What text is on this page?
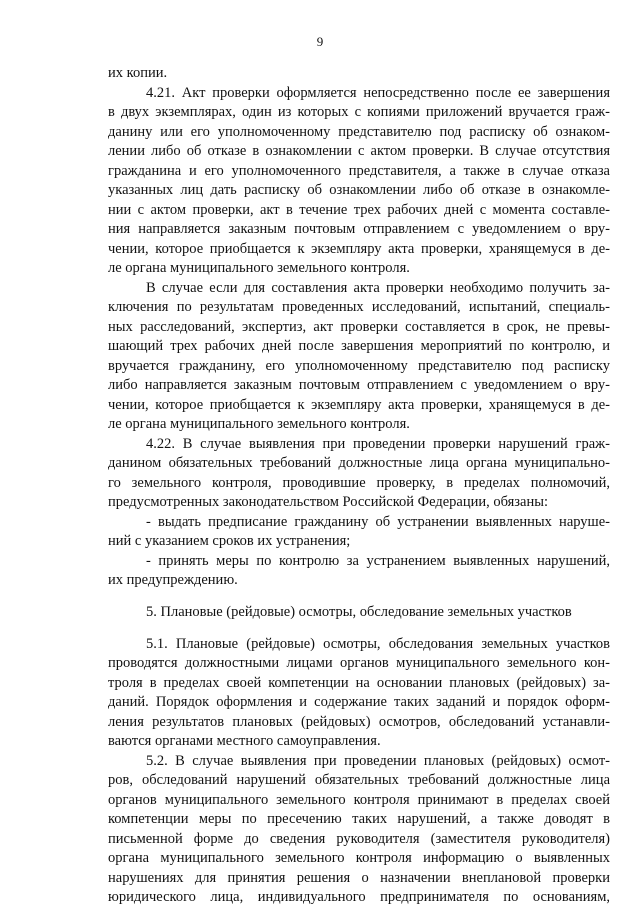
9
их копии.
4.21. Акт проверки оформляется непосредственно после ее завершения
в двух экземплярах, один из которых с копиями приложений вручается граж-
данину или его уполномоченному представителю под расписку об ознаком-
лении либо об отказе в ознакомлении с актом проверки. В случае отсутствия
гражданина и его уполномоченного представителя, а также в случае отказа
указанных лиц дать расписку об ознакомлении либо об отказе в ознакомле-
нии с актом проверки, акт в течение трех рабочих дней с момента составле-
ния направляется заказным почтовым отправлением с уведомлением о вру-
чении, которое приобщается к экземпляру акта проверки, хранящемуся в де-
ле органа муниципального земельного контроля.
В случае если для составления акта проверки необходимо получить за-
ключения по результатам проведенных исследований, испытаний, специаль-
ных расследований, экспертиз, акт проверки составляется в срок, не превы-
шающий трех рабочих дней после завершения мероприятий по контролю, и
вручается гражданину, его уполномоченному представителю под расписку
либо направляется заказным почтовым отправлением с уведомлением о вру-
чении, которое приобщается к экземпляру акта проверки, хранящемуся в де-
ле органа муниципального земельного контроля.
4.22. В случае выявления при проведении проверки нарушений граж-
данином обязательных требований должностные лица органа муниципально-
го земельного контроля, проводившие проверку, в пределах полномочий,
предусмотренных законодательством Российской Федерации, обязаны:
- выдать предписание гражданину об устранении выявленных наруше-
ний с указанием сроков их устранения;
- принять меры по контролю за устранением выявленных нарушений,
их предупреждению.
5. Плановые (рейдовые) осмотры, обследование земельных участков
5.1. Плановые (рейдовые) осмотры, обследования земельных участков
проводятся должностными лицами органов муниципального земельного кон-
троля в пределах своей компетенции на основании плановых (рейдовых) за-
даний. Порядок оформления и содержание таких заданий и порядок оформ-
ления результатов плановых (рейдовых) осмотров, обследований устанавли-
ваются органами местного самоуправления.
5.2. В случае выявления при проведении плановых (рейдовых) осмот-
ров, обследований нарушений обязательных требований должностные лица
органов муниципального земельного контроля принимают в пределах своей
компетенции меры по пресечению таких нарушений, а также доводят в
письменной форме до сведения руководителя (заместителя руководителя)
органа муниципального земельного контроля информацию о выявленных
нарушениях для принятия решения о назначении внеплановой проверки
юридического лица, индивидуального предпринимателя по основаниям,
